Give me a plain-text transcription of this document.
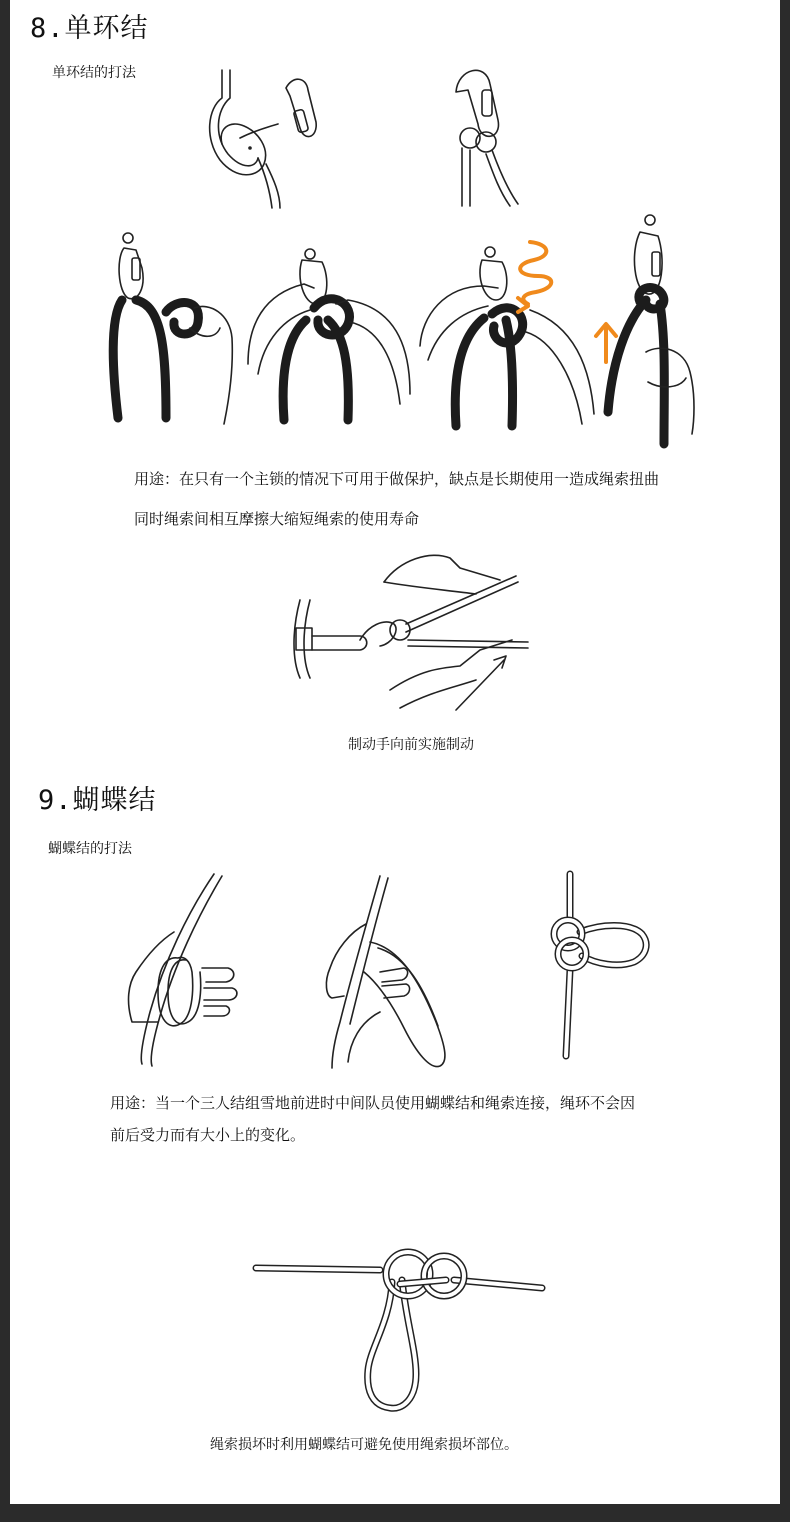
8.单环结
单环结的打法
用途：在只有一个主锁的情况下可用于做保护，缺点是长期使用一造成绳索扭曲
同时绳索间相互摩擦大缩短绳索的使用寿命
制动手向前实施制动
9.蝴蝶结
蝴蝶结的打法
用途：当一个三人结组雪地前进时中间队员使用蝴蝶结和绳索连接，绳环不会因
前后受力而有大小上的变化。
绳索损坏时利用蝴蝶结可避免使用绳索损坏部位。
